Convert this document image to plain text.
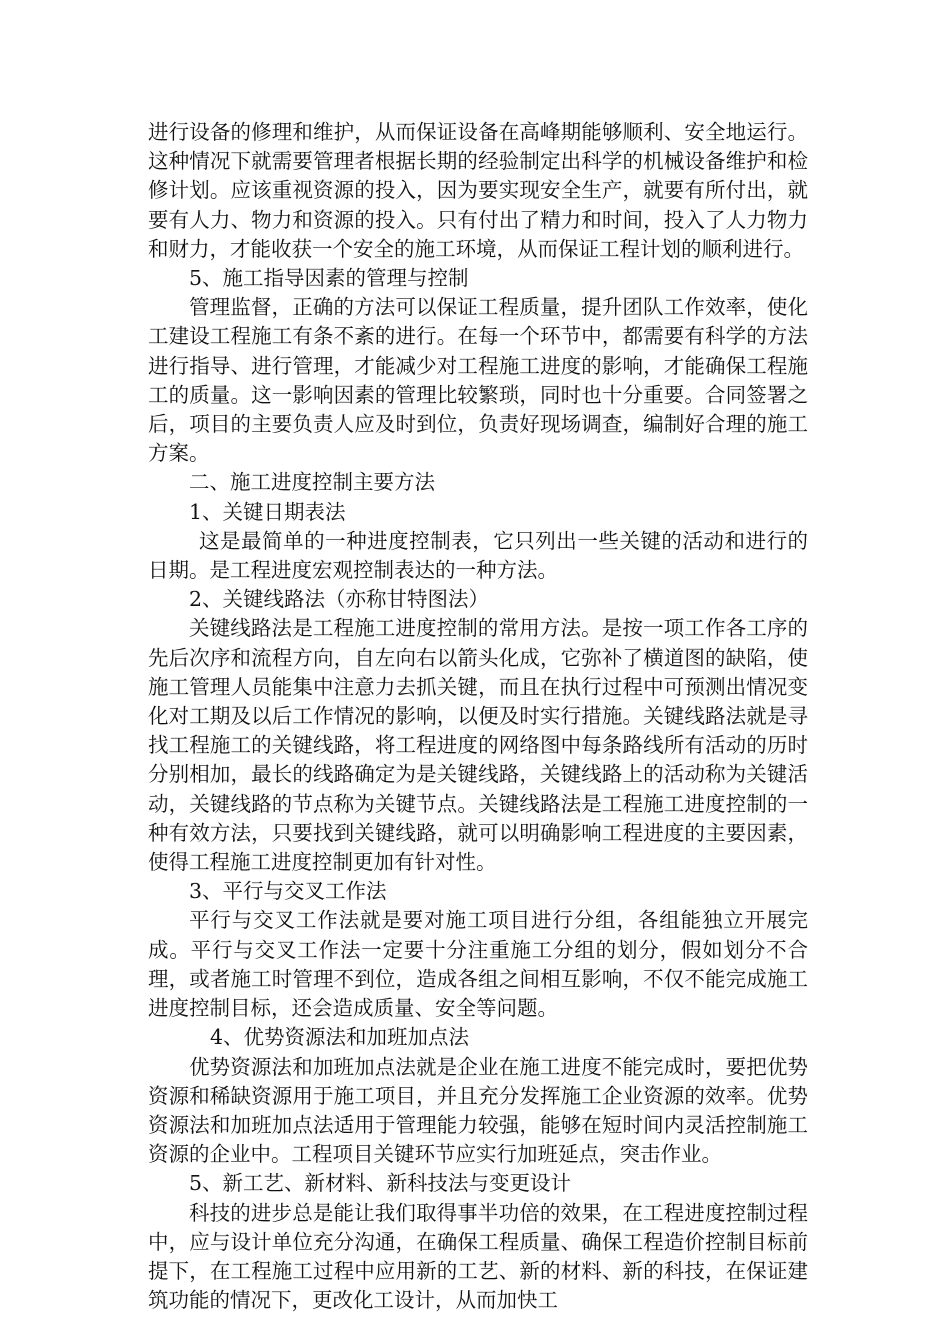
进行设备的修理和维护，从而保证设备在高峰期能够顺利、安全地运行。这种情况下就需要管理者根据长期的经验制定出科学的机械设备维护和检修计划。应该重视资源的投入，因为要实现安全生产，就要有所付出，就要有人力、物力和资源的投入。只有付出了精力和时间，投入了人力物力和财力，才能收获一个安全的施工环境，从而保证工程计划的顺利进行。

5、施工指导因素的管理与控制

管理监督，正确的方法可以保证工程质量，提升团队工作效率，使化工建设工程施工有条不紊的进行。在每一个环节中，都需要有科学的方法进行指导、进行管理，才能减少对工程施工进度的影响，才能确保工程施工的质量。这一影响因素的管理比较繁琐，同时也十分重要。合同签署之后，项目的主要负责人应及时到位，负责好现场调查，编制好合理的施工方案。

二、施工进度控制主要方法

1、关键日期表法

这是最简单的一种进度控制表，它只列出一些关键的活动和进行的日期。是工程进度宏观控制表达的一种方法。

2、关键线路法（亦称甘特图法）

关键线路法是工程施工进度控制的常用方法。是按一项工作各工序的先后次序和流程方向，自左向右以箭头化成，它弥补了横道图的缺陷，使施工管理人员能集中注意力去抓关键，而且在执行过程中可预测出情况变化对工期及以后工作情况的影响，以便及时实行措施。关键线路法就是寻找工程施工的关键线路，将工程进度的网络图中每条路线所有活动的历时分别相加，最长的线路确定为是关键线路，关键线路上的活动称为关键活动，关键线路的节点称为关键节点。关键线路法是工程施工进度控制的一种有效方法，只要找到关键线路，就可以明确影响工程进度的主要因素，使得工程施工进度控制更加有针对性。

3、平行与交叉工作法

平行与交叉工作法就是要对施工项目进行分组，各组能独立开展完成。平行与交叉工作法一定要十分注重施工分组的划分，假如划分不合理，或者施工时管理不到位，造成各组之间相互影响，不仅不能完成施工进度控制目标，还会造成质量、安全等问题。

4、优势资源法和加班加点法

优势资源法和加班加点法就是企业在施工进度不能完成时，要把优势资源和稀缺资源用于施工项目，并且充分发挥施工企业资源的效率。优势资源法和加班加点法适用于管理能力较强，能够在短时间内灵活控制施工资源的企业中。工程项目关键环节应实行加班延点，突击作业。

5、新工艺、新材料、新科技法与变更设计

科技的进步总是能让我们取得事半功倍的效果，在工程进度控制过程中，应与设计单位充分沟通，在确保工程质量、确保工程造价控制目标前提下，在工程施工过程中应用新的工艺、新的材料、新的科技，在保证建筑功能的情况下，更改化工设计，从而加快工
